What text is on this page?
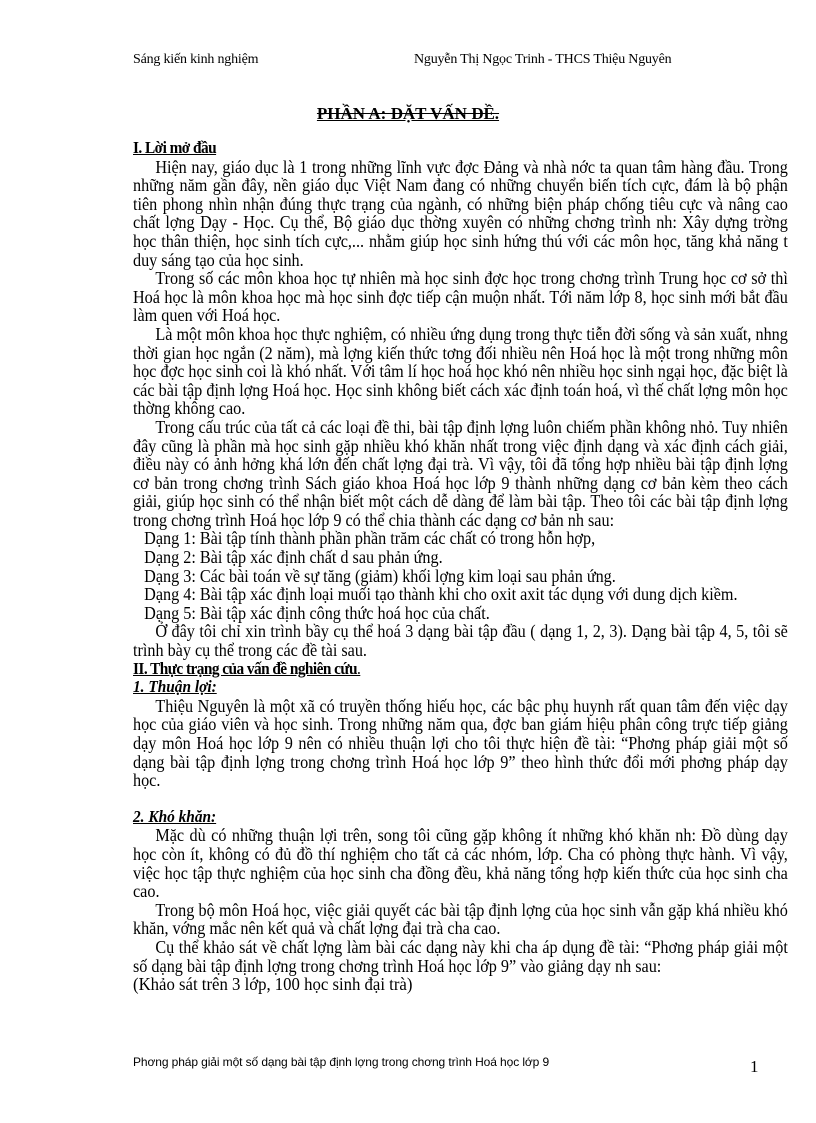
Sáng kiến kinh nghiệm	Nguyễn Thị Ngọc Trinh - THCS Thiệu Nguyên
PHẦN A: ĐẶT VẤN ĐỀ.

I. Lời mở đầu

Hiện nay, giáo dục là 1 trong những lĩnh vực đợc Đảng và nhà nớc ta quan tâm hàng đầu. Trong những năm gần đây, nền giáo dục Việt Nam đang có những chuyển biến tích cực, đám là bộ phận tiên phong nhìn nhận đúng thực trạng của ngành, có những biện pháp chống tiêu cực và nâng cao chất lợng Dạy - Học. Cụ thể, Bộ giáo dục thờng xuyên có những chơng trình nh: Xây dựng trờng học thân thiện, học sinh tích cực,... nhằm giúp học sinh hứng thú với các môn học, tăng khả năng t duy sáng tạo của học sinh.

Trong số các môn khoa học tự nhiên mà học sinh đợc học trong chơng trình Trung học cơ sở thì Hoá học là môn khoa học mà học sinh đợc tiếp cận muộn nhất. Tới năm lớp 8, học sinh mới bắt đầu làm quen với Hoá học.

Là một môn khoa học thực nghiệm, có nhiều ứng dụng trong thực tiễn đời sống và sản xuất, nhng thời gian học ngắn (2 năm), mà lợng kiến thức tơng đối nhiều nên Hoá học là một trong những môn học đợc học sinh coi là khó nhất. Với tâm lí học hoá học khó nên nhiều học sinh ngại học, đặc biệt là các bài tập định lợng Hoá học. Học sinh không biết cách xác định toán hoá, vì thế chất lợng môn học thờng không cao.

Trong cấu trúc của tất cả các loại đề thi, bài tập định lợng luôn chiếm phần không nhỏ. Tuy nhiên đây cũng là phần mà học sinh gặp nhiều khó khăn nhất trong việc định dạng và xác định cách giải, điều này có ảnh hởng khá lớn đến chất lợng đại trà. Vì vậy, tôi đã tổng hợp nhiều bài tập định lợng cơ bản trong chơng trình Sách giáo khoa Hoá học lớp 9 thành những dạng cơ bản kèm theo cách giải, giúp học sinh có thể nhận biết một cách dễ dàng để làm bài tập. Theo tôi các bài tập định lợng trong chơng trình Hoá học lớp 9 có thể chia thành các dạng cơ bản nh sau:

Dạng 1: Bài tập tính thành phần phần trăm các chất có trong hỗn hợp,

Dạng 2: Bài tập xác định chất d sau phản ứng.

Dạng 3: Các bài toán về sự tăng (giảm) khối lợng kim loại sau phản ứng.

Dạng 4: Bài tập xác định loại muối tạo thành khi cho oxit axit tác dụng với dung dịch kiềm.

Dạng 5: Bài tập xác định công thức hoá học của chất.

Ở đây tôi chỉ xin trình bầy cụ thể hoá 3 dạng bài tập đầu ( dạng 1, 2, 3). Dạng bài tập 4, 5, tôi sẽ trình bày cụ thể trong các đề tài sau.

II. Thực trạng của vấn đề nghiên cứu.

1. Thuận lợi:

Thiệu Nguyên là một xã có truyền thống hiếu học, các bậc phụ huynh rất quan tâm đến việc dạy học của giáo viên và học sinh. Trong những năm qua, đợc ban giám hiệu phân công trực tiếp giảng dạy môn Hoá học lớp 9 nên có nhiều thuận lợi cho tôi thực hiện đề tài: “Phơng pháp giải một số dạng bài tập định lợng trong chơng trình Hoá học lớp 9” theo hình thức đổi mới phơng pháp dạy học.

2. Khó khăn:

Mặc dù có những thuận lợi trên, song tôi cũng gặp không ít những khó khăn nh: Đồ dùng dạy học còn ít, không có đủ đồ thí nghiệm cho tất cả các nhóm, lớp. Cha có phòng thực hành. Vì vậy, việc học tập thực nghiệm của học sinh cha đồng đều, khả năng tổng hợp kiến thức của học sinh cha cao.

Trong bộ môn Hoá học, việc giải quyết các bài tập định lợng của học sinh vẫn gặp khá nhiều khó khăn, vớng mắc nên kết quả và chất lợng đại trà cha cao.

Cụ thể khảo sát về chất lợng làm bài các dạng này khi cha áp dụng đề tài: “Phơng pháp giải một số dạng bài tập định lợng trong chơng trình Hoá học lớp 9” vào giảng dạy nh sau:

(Khảo sát trên 3 lớp, 100 học sinh đại trà)

Phơng pháp giải một số dạng bài tập định lợng trong chơng trình Hoá học lớp 9	1
